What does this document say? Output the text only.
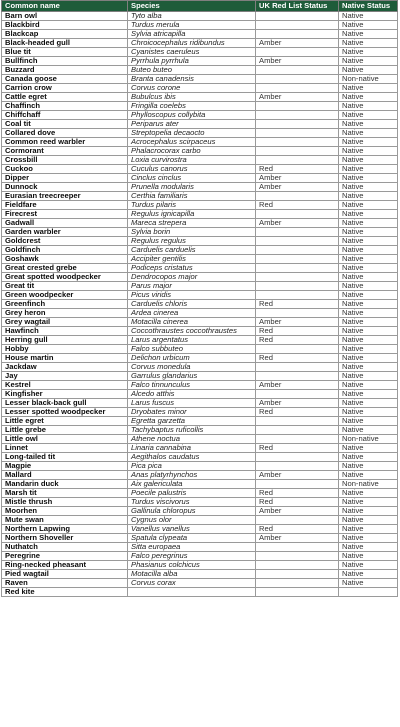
Common name	Species	UK Red List Status	Native Status
Barn owl	Tyto alba		Native
Blackbird	Turdus merula		Native
Blackcap	Sylvia atricapilla		Native
Black-headed gull	Chroicocephalus ridibundus	Amber	Native
Blue tit	Cyanistes caeruleus		Native
Bullfinch	Pyrrhula pyrrhula	Amber	Native
Buzzard	Buteo buteo		Native
Canada goose	Branta canadensis		Non-native
Carrion crow	Corvus corone		Native
Cattle egret	Bubulcus ibis	Amber	Native
Chaffinch	Fringilla coelebs		Native
Chiffchaff	Phylloscopus collybita		Native
Coal tit	Periparus ater		Native
Collared dove	Streptopelia decaocto		Native
Common reed warbler	Acrocephalus scirpaceus		Native
Cormorant	Phalacrocorax carbo		Native
Crossbill	Loxia curvirostra		Native
Cuckoo	Cuculus canorus	Red	Native
Dipper	Cinclus cinclus	Amber	Native
Dunnock	Prunella modularis	Amber	Native
Eurasian treecreeper	Certhia familiaris		Native
Fieldfare	Turdus pilaris	Red	Native
Firecrest	Regulus ignicapilla		Native
Gadwall	Mareca strepera	Amber	Native
Garden warbler	Sylvia borin		Native
Goldcrest	Regulus regulus		Native
Goldfinch	Carduelis carduelis		Native
Goshawk	Accipiter gentilis		Native
Great crested grebe	Podiceps cristatus		Native
Great spotted woodpecker	Dendrocopos major		Native
Great tit	Parus major		Native
Green woodpecker	Picus viridis		Native
Greenfinch	Carduelis chloris	Red	Native
Grey heron	Ardea cinerea		Native
Grey wagtail	Motacilla cinerea	Amber	Native
Hawfinch	Coccothraustes coccothraustes	Red	Native
Herring gull	Larus argentatus	Red	Native
Hobby	Falco subbuteo		Native
House martin	Delichon urbicum	Red	Native
Jackdaw	Corvus monedula		Native
Jay	Garrulus glandarius		Native
Kestrel	Falco tinnunculus	Amber	Native
Kingfisher	Alcedo atthis		Native
Lesser black-back gull	Larus fuscus	Amber	Native
Lesser spotted woodpecker	Dryobates minor	Red	Native
Little egret	Egretta garzetta		Native
Little grebe	Tachybaptus ruficollis		Native
Little owl	Athene noctua		Non-native
Linnet	Linaria cannabina	Red	Native
Long-tailed tit	Aegithalos caudatus		Native
Magpie	Pica pica		Native
Mallard	Anas platyrhynchos	Amber	Native
Mandarin duck	Aix galericulata		Non-native
Marsh tit	Poecile palustris	Red	Native
Mistle thrush	Turdus viscivorus	Red	Native
Moorhen	Gallinula chloropus	Amber	Native
Mute swan	Cygnus olor		Native
Northern Lapwing	Vanellus vanellus	Red	Native
Northern Shoveller	Spatula clypeata	Amber	Native
Nuthatch	Sitta europaea		Native
Peregrine	Falco peregrinus		Native
Ring-necked pheasant	Phasianus colchicus		Native
Pied wagtail	Motacilla alba		Native
Raven	Corvus corax		Native
Red kite			
